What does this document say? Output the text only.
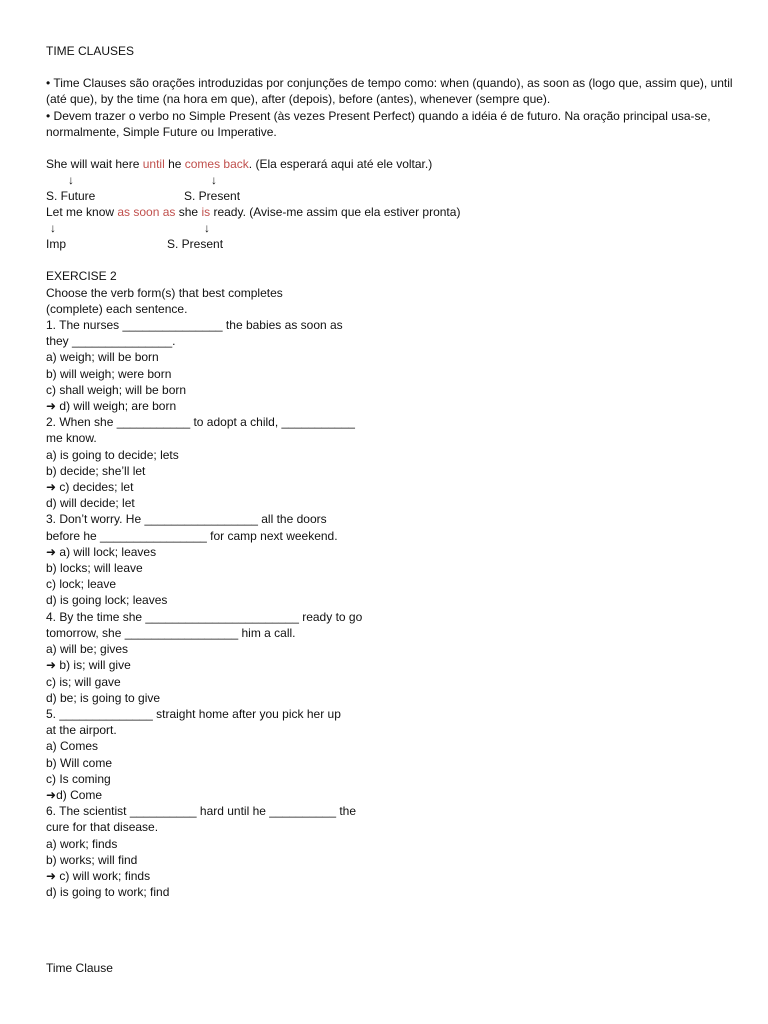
TIME CLAUSES
• Time Clauses são orações introduzidas por conjunções de tempo como: when (quando), as soon as (logo que, assim que), until (até que), by the time (na hora em que), after (depois), before (antes), whenever (sempre que).
• Devem trazer o verbo no Simple Present (às vezes Present Perfect) quando a idéia é de futuro. Na oração principal usa-se, normalmente, Simple Future ou Imperative.
She will wait here until he comes back. (Ela esperará aqui até ele voltar.)
↓	↓
S. Future	S. Present
Let me know as soon as she is ready. (Avise-me assim que ela estiver pronta)
↓	↓
Imp	S. Present
EXERCISE 2
Choose the verb form(s) that best completes
(complete) each sentence.
1. The nurses _______________ the babies as soon as
they _______________.
a) weigh; will be born
b) will weigh; were born
c) shall weigh; will be born
➜ d) will weigh; are born
2. When she ___________ to adopt a child, ___________
me know.
a) is going to decide; lets
b) decide; she’ll let
➜ c) decides; let
d) will decide; let
3. Don’t worry. He _________________ all the doors
before he ________________ for camp next weekend.
➜ a) will lock; leaves
b) locks; will leave
c) lock; leave
d) is going lock; leaves
4. By the time she _______________________ ready to go
tomorrow, she _________________ him a call.
a) will be; gives
➜ b) is; will give
c) is; will gave
d) be; is going to give
5. ______________ straight home after you pick her up
at the airport.
a) Comes
b) Will come
c) Is coming
➜d) Come
6. The scientist __________ hard until he __________ the
cure for that disease.
a) work; finds
b) works; will find
➜ c) will work; finds
d) is going to work; find
Time Clause
